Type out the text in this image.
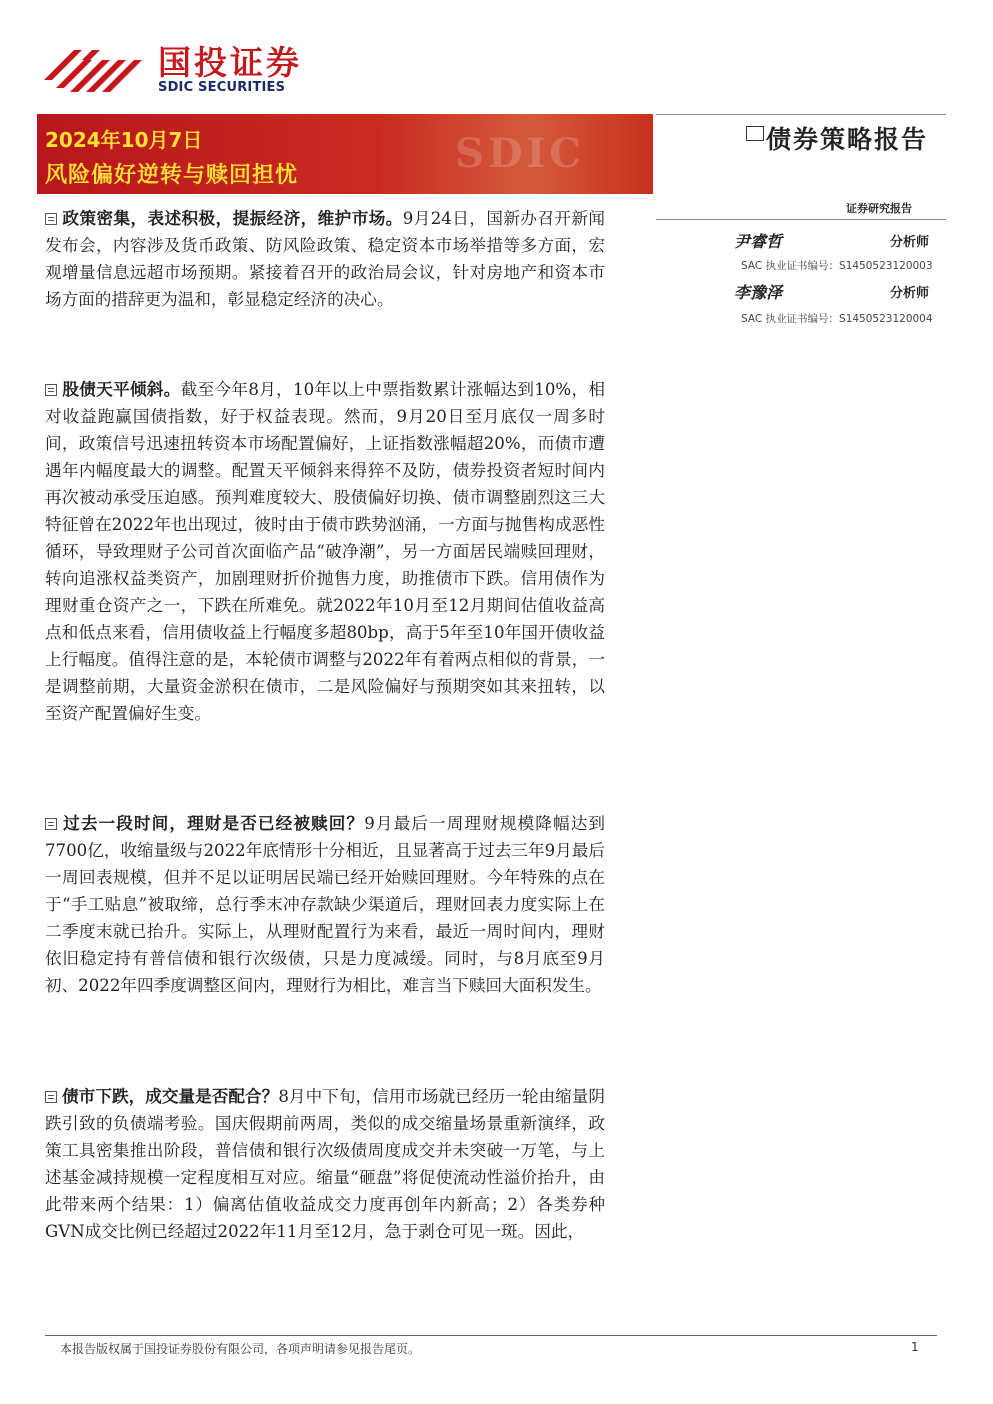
国投证券
SDIC SECURITIES
SDIC
2024年10月7日
风险偏好逆转与赎回担忧
债券策略报告
证券研究报告
尹睿哲	分析师
SAC 执业证书编号：S1450523120003
李豫泽	分析师
SAC 执业证书编号：S1450523120004
政策密集，表述积极，提振经济，维护市场。9月24日，国新办召开新闻发布会，内容涉及货币政策、防风险政策、稳定资本市场举措等多方面，宏观增量信息远超市场预期。紧接着召开的政治局会议，针对房地产和资本市场方面的措辞更为温和，彰显稳定经济的决心。
股债天平倾斜。截至今年8月，10年以上中票指数累计涨幅达到10%，相对收益跑赢国债指数，好于权益表现。然而，9月20日至月底仅一周多时间，政策信号迅速扭转资本市场配置偏好，上证指数涨幅超20%，而债市遭遇年内幅度最大的调整。配置天平倾斜来得猝不及防，债券投资者短时间内再次被动承受压迫感。预判难度较大、股债偏好切换、债市调整剧烈这三大特征曾在2022年也出现过，彼时由于债市跌势汹涌，一方面与抛售构成恶性循环，导致理财子公司首次面临产品“破净潮”，另一方面居民端赎回理财，转向追涨权益类资产，加剧理财折价抛售力度，助推债市下跌。信用债作为理财重仓资产之一，下跌在所难免。就2022年10月至12月期间估值收益高点和低点来看，信用债收益上行幅度多超80bp，高于5年至10年国开债收益上行幅度。值得注意的是，本轮债市调整与2022年有着两点相似的背景，一是调整前期，大量资金淤积在债市，二是风险偏好与预期突如其来扭转，以至资产配置偏好生变。
过去一段时间，理财是否已经被赎回？9月最后一周理财规模降幅达到7700亿，收缩量级与2022年底情形十分相近，且显著高于过去三年9月最后一周回表规模，但并不足以证明居民端已经开始赎回理财。今年特殊的点在于“手工贴息”被取缔，总行季末冲存款缺少渠道后，理财回表力度实际上在二季度末就已抬升。实际上，从理财配置行为来看，最近一周时间内，理财依旧稳定持有普信债和银行次级债，只是力度减缓。同时，与8月底至9月初、2022年四季度调整区间内，理财行为相比，难言当下赎回大面积发生。
债市下跌，成交量是否配合？8月中下旬，信用市场就已经历一轮由缩量阴跌引致的负债端考验。国庆假期前两周，类似的成交缩量场景重新演绎，政策工具密集推出阶段，普信债和银行次级债周度成交并未突破一万笔，与上述基金减持规模一定程度相互对应。缩量“砸盘”将促使流动性溢价抬升，由此带来两个结果：1）偏离估值收益成交力度再创年内新高；2）各类券种GVN成交比例已经超过2022年11月至12月，急于剥仓可见一斑。因此，
本报告版权属于国投证券股份有限公司，各项声明请参见报告尾页。	1
